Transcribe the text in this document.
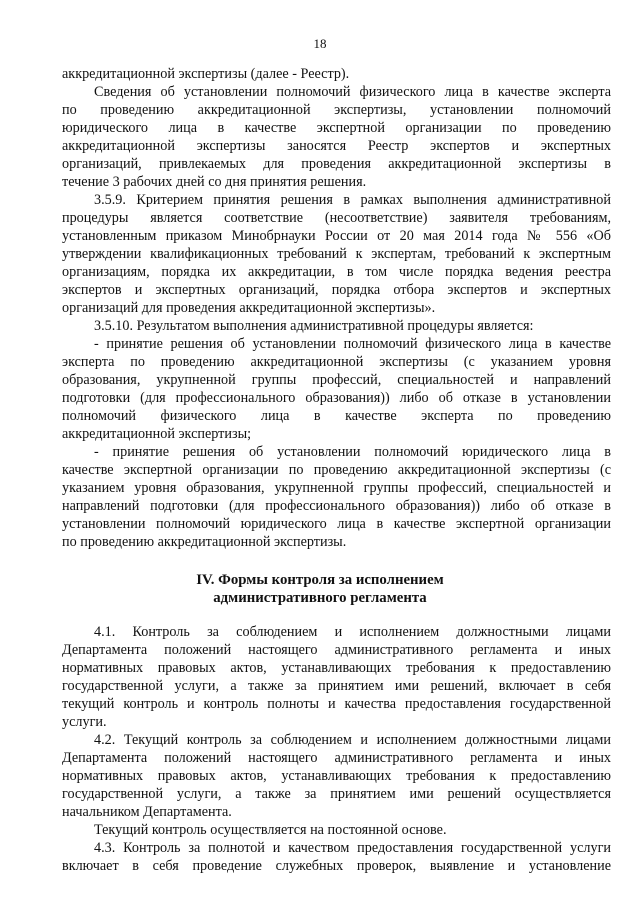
18
аккредитационной экспертизы (далее - Реестр).
Сведения об установлении полномочий физического лица в качестве эксперта
по проведению аккредитационной экспертизы, установлении полномочий
юридического лица в качестве экспертной организации по проведению
аккредитационной экспертизы заносятся Реестр экспертов и экспертных
организаций, привлекаемых для проведения аккредитационной экспертизы в
течение 3 рабочих дней со дня принятия решения.
3.5.9. Критерием принятия решения в рамках выполнения административной
процедуры является соответствие (несоответствие) заявителя требованиям,
установленным приказом Минобрнауки России от 20 мая 2014 года № 556 «Об
утверждении квалификационных требований к экспертам, требований к экспертным
организациям, порядка их аккредитации, в том числе порядка ведения реестра
экспертов и экспертных организаций, порядка отбора экспертов и экспертных
организаций для проведения аккредитационной экспертизы».
3.5.10. Результатом выполнения административной процедуры является:
- принятие решения об установлении полномочий физического лица в качестве
эксперта по проведению аккредитационной экспертизы (с указанием уровня
образования, укрупненной группы профессий, специальностей и направлений
подготовки (для профессионального образования)) либо об отказе в установлении
полномочий физического лица в качестве эксперта по проведению
аккредитационной экспертизы;
- принятие решения об установлении полномочий юридического лица в
качестве экспертной организации по проведению аккредитационной экспертизы (с
указанием уровня образования, укрупненной группы профессий, специальностей и
направлений подготовки (для профессионального образования)) либо об отказе в
установлении полномочий юридического лица в качестве экспертной организации
по проведению аккредитационной экспертизы.
IV. Формы контроля за исполнением
административного регламента
4.1. Контроль за соблюдением и исполнением должностными лицами
Департамента положений настоящего административного регламента и иных
нормативных правовых актов, устанавливающих требования к предоставлению
государственной услуги, а также за принятием ими решений, включает в себя
текущий контроль и контроль полноты и качества предоставления государственной
услуги.
4.2. Текущий контроль за соблюдением и исполнением должностными лицами
Департамента положений настоящего административного регламента и иных
нормативных правовых актов, устанавливающих требования к предоставлению
государственной услуги, а также за принятием ими решений осуществляется
начальником Департамента.
Текущий контроль осуществляется на постоянной основе.
4.3. Контроль за полнотой и качеством предоставления государственной услуги
включает в себя проведение служебных проверок, выявление и установление
